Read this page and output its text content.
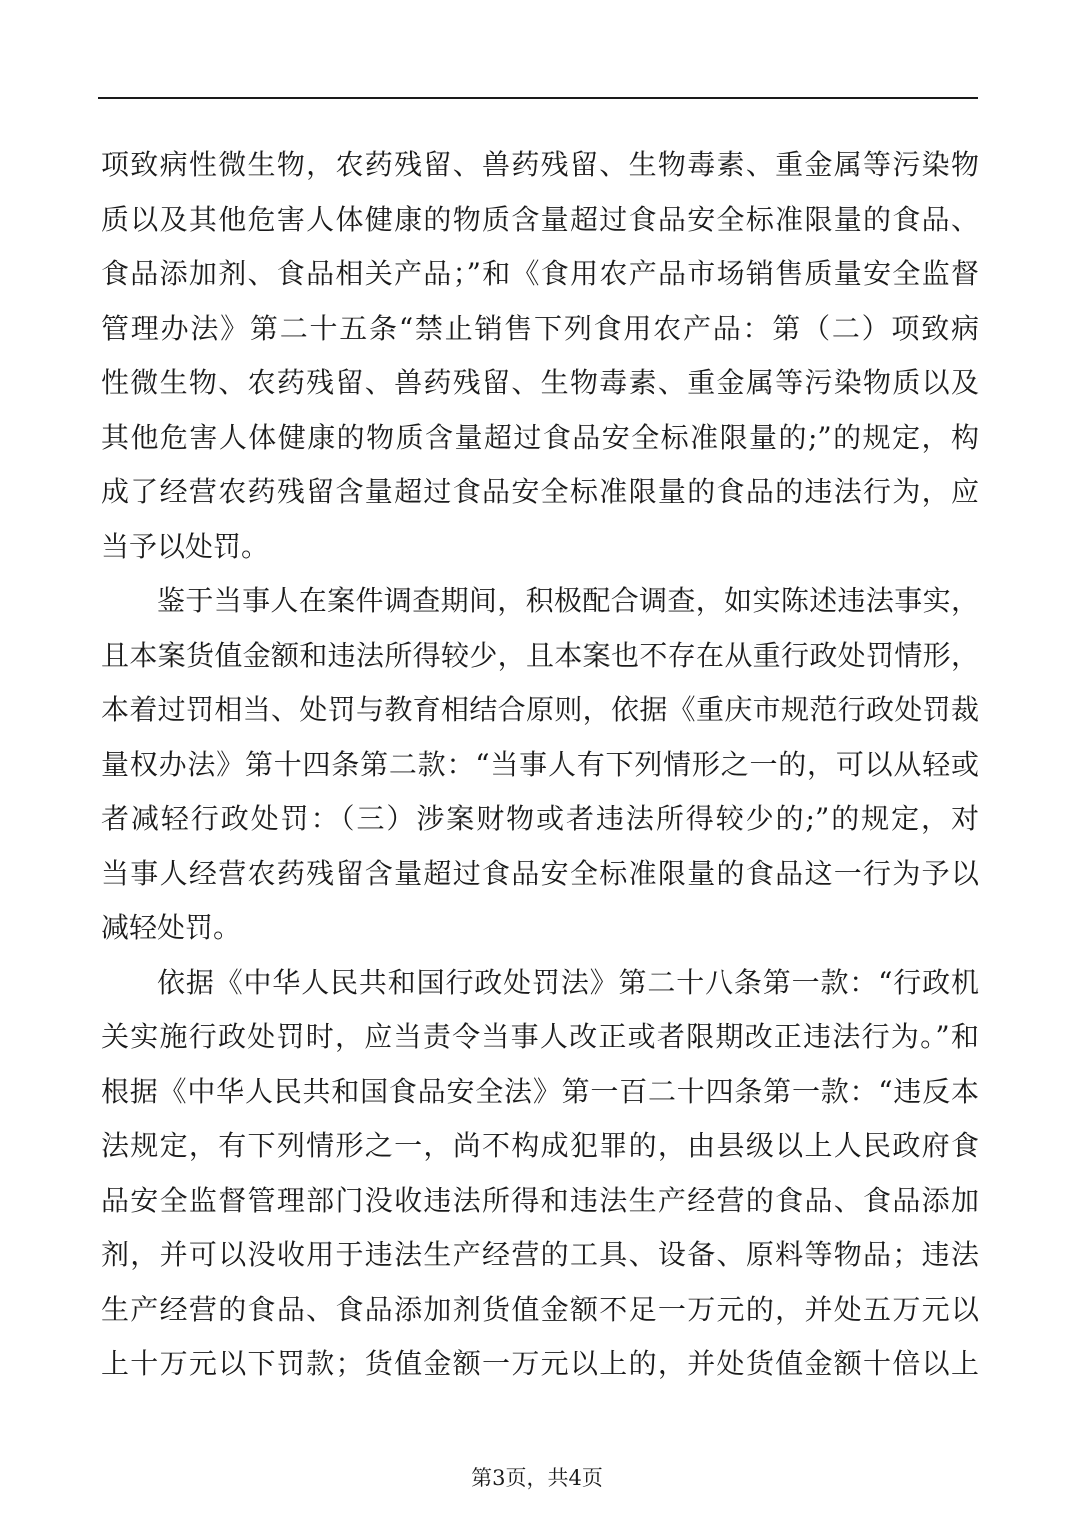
项致病性微生物，农药残留、兽药残留、生物毒素、重金属等污染物
质以及其他危害人体健康的物质含量超过食品安全标准限量的食品、
食品添加剂、食品相关产品；”和《食用农产品市场销售质量安全监督
管理办法》第二十五条“禁止销售下列食用农产品：第（二）项致病
性微生物、农药残留、兽药残留、生物毒素、重金属等污染物质以及
其他危害人体健康的物质含量超过食品安全标准限量的;”的规定，构
成了经营农药残留含量超过食品安全标准限量的食品的违法行为，应
当予以处罚。
鉴于当事人在案件调查期间，积极配合调查，如实陈述违法事实，
且本案货值金额和违法所得较少，且本案也不存在从重行政处罚情形，
本着过罚相当、处罚与教育相结合原则，依据《重庆市规范行政处罚裁
量权办法》第十四条第二款：“当事人有下列情形之一的，可以从轻或
者减轻行政处罚：（三）涉案财物或者违法所得较少的;”的规定，对
当事人经营农药残留含量超过食品安全标准限量的食品这一行为予以
减轻处罚。
依据《中华人民共和国行政处罚法》第二十八条第一款：“行政机
关实施行政处罚时，应当责令当事人改正或者限期改正违法行为。”和
根据《中华人民共和国食品安全法》第一百二十四条第一款：“违反本
法规定，有下列情形之一，尚不构成犯罪的，由县级以上人民政府食
品安全监督管理部门没收违法所得和违法生产经营的食品、食品添加
剂，并可以没收用于违法生产经营的工具、设备、原料等物品；违法
生产经营的食品、食品添加剂货值金额不足一万元的，并处五万元以
上十万元以下罚款；货值金额一万元以上的，并处货值金额十倍以上
第3页，共4页
